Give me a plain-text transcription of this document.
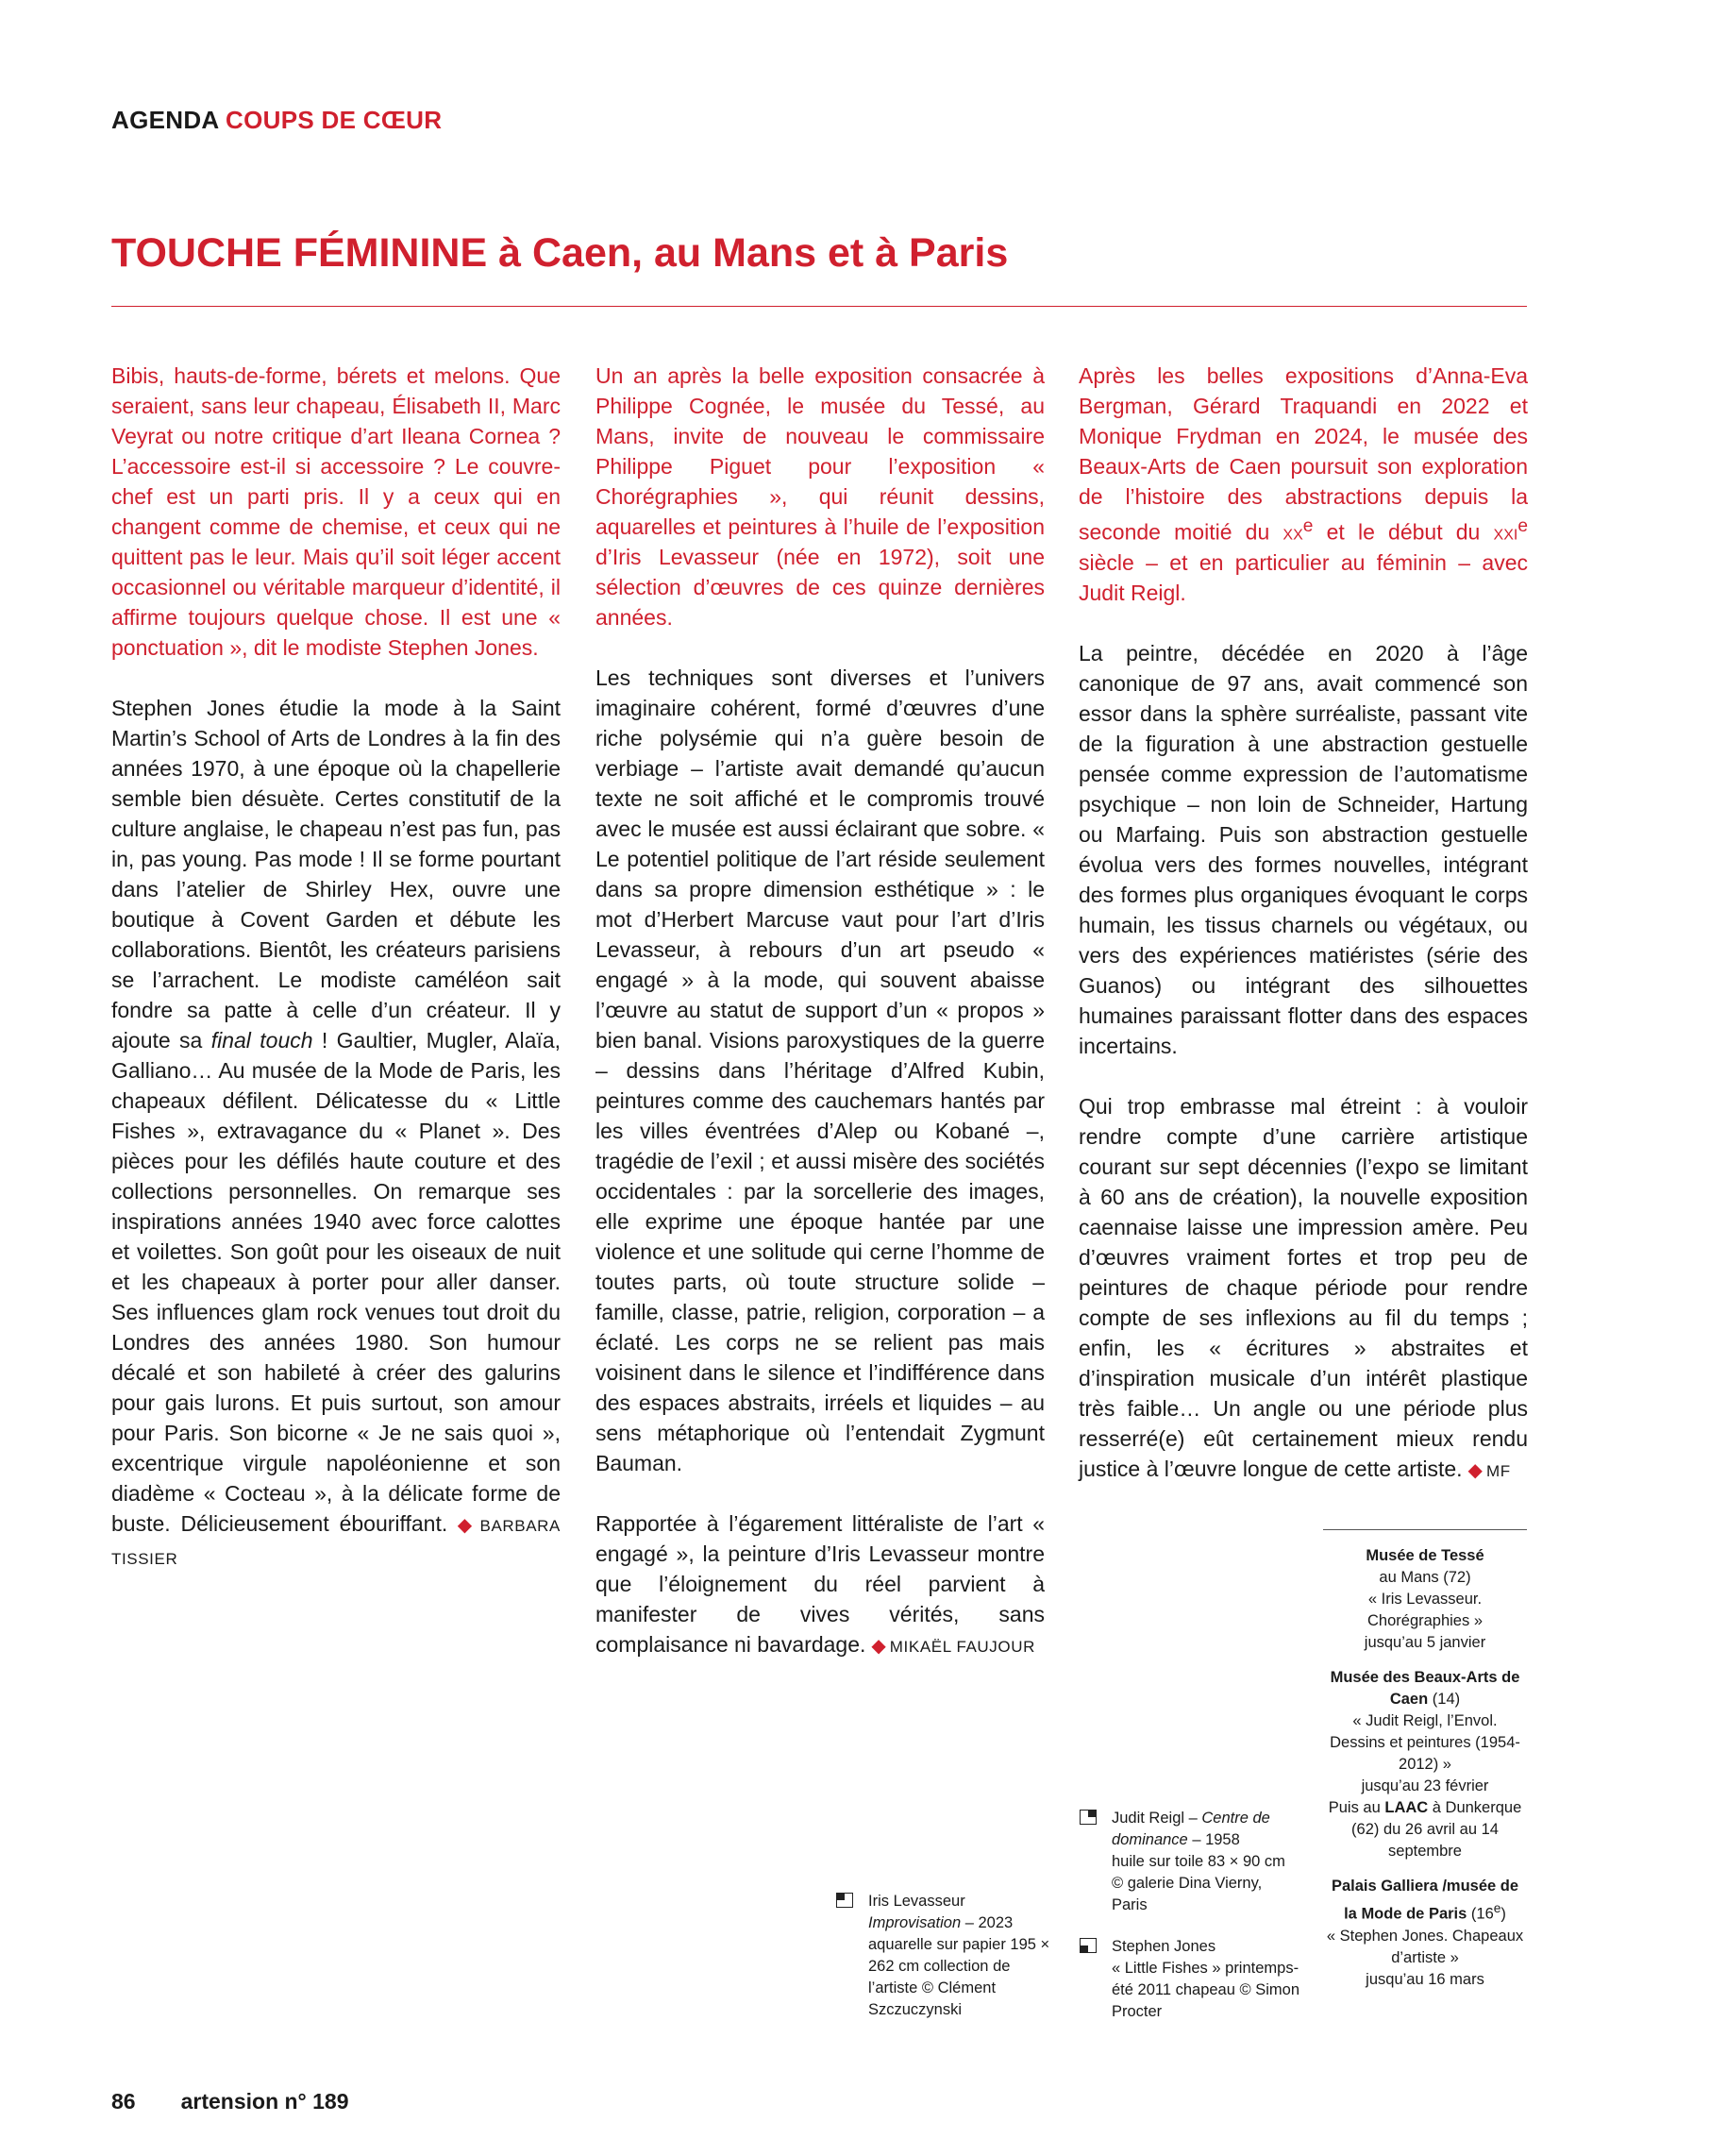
AGENDA COUPS DE CŒUR
TOUCHE FÉMININE à Caen, au Mans et à Paris

Bibis, hauts-de-forme, bérets et melons. Que seraient, sans leur chapeau, Élisabeth II, Marc Veyrat ou notre critique d’art Ileana Cornea ? L’accessoire est-il si accessoire ? Le couvre-chef est un parti pris. Il y a ceux qui en changent comme de chemise, et ceux qui ne quittent pas le leur. Mais qu’il soit léger accent occasionnel ou véritable marqueur d’identité, il affirme toujours quelque chose. Il est une « ponctuation », dit le modiste Stephen Jones.

Stephen Jones étudie la mode à la Saint Martin’s School of Arts de Londres à la fin des années 1970, à une époque où la chapellerie semble bien désuète. Certes constitutif de la culture anglaise, le chapeau n’est pas fun, pas in, pas young. Pas mode ! Il se forme pourtant dans l’atelier de Shirley Hex, ouvre une boutique à Covent Garden et débute les collaborations. Bientôt, les créateurs parisiens se l’arrachent. Le modiste caméléon sait fondre sa patte à celle d’un créateur. Il y ajoute sa final touch ! Gaultier, Mugler, Alaïa, Galliano… Au musée de la Mode de Paris, les chapeaux défilent. Délicatesse du « Little Fishes », extravagance du « Planet ». Des pièces pour les défilés haute couture et des collections personnelles. On remarque ses inspirations années 1940 avec force calottes et voilettes. Son goût pour les oiseaux de nuit et les chapeaux à porter pour aller danser. Ses influences glam rock venues tout droit du Londres des années 1980. Son humour décalé et son habileté à créer des galurins pour gais lurons. Et puis surtout, son amour pour Paris. Son bicorne « Je ne sais quoi », excentrique virgule napoléonienne et son diadème « Cocteau », à la délicate forme de buste. Délicieusement ébouriffant. ◆ BARBARA TISSIER

Un an après la belle exposition consacrée à Philippe Cognée, le musée du Tessé, au Mans, invite de nouveau le commissaire Philippe Piguet pour l’exposition « Chorégraphies », qui réunit dessins, aquarelles et peintures à l’huile de l’exposition d’Iris Levasseur (née en 1972), soit une sélection d’œuvres de ces quinze dernières années.

Les techniques sont diverses et l’univers imaginaire cohérent, formé d’œuvres d’une riche polysémie qui n’a guère besoin de verbiage – l’artiste avait demandé qu’aucun texte ne soit affiché et le compromis trouvé avec le musée est aussi éclairant que sobre. « Le potentiel politique de l’art réside seulement dans sa propre dimension esthétique » : le mot d’Herbert Marcuse vaut pour l’art d’Iris Levasseur, à rebours d’un art pseudo « engagé » à la mode, qui souvent abaisse l’œuvre au statut de support d’un « propos » bien banal. Visions paroxystiques de la guerre – dessins dans l’héritage d’Alfred Kubin, peintures comme des cauchemars hantés par les villes éventrées d’Alep ou Kobané –, tragédie de l’exil ; et aussi misère des sociétés occidentales : par la sorcellerie des images, elle exprime une époque hantée par une violence et une solitude qui cerne l’homme de toutes parts, où toute structure solide – famille, classe, patrie, religion, corporation – a éclaté. Les corps ne se relient pas mais voisinent dans le silence et l’indifférence dans des espaces abstraits, irréels et liquides – au sens métaphorique où l’entendait Zygmunt Bauman.

Rapportée à l’égarement littéraliste de l’art « engagé », la peinture d’Iris Levasseur montre que l’éloignement du réel parvient à manifester de vives vérités, sans complaisance ni bavardage. ◆ MIKAËL FAUJOUR

Après les belles expositions d’Anna-Eva Bergman, Gérard Traquandi en 2022 et Monique Frydman en 2024, le musée des Beaux-Arts de Caen poursuit son exploration de l’histoire des abstractions depuis la seconde moitié du $xx^e$ et le début du xxi$^e$ siècle – et en particulier au féminin – avec Judit Reigl.

La peintre, décédée en 2020 à l’âge canonique de 97 ans, avait commencé son essor dans la sphère surréaliste, passant vite de la figuration à une abstraction gestuelle pensée comme expression de l’automatisme psychique – non loin de Schneider, Hartung ou Marfaing. Puis son abstraction gestuelle évolua vers des formes nouvelles, intégrant des formes plus organiques évoquant le corps humain, les tissus charnels ou végétaux, ou vers des expériences matiéristes (série des Guanos) ou intégrant des silhouettes humaines paraissant flotter dans des espaces incertains.

Qui trop embrasse mal étreint : à vouloir rendre compte d’une carrière artistique courant sur sept décennies (l’expo se limitant à 60 ans de création), la nouvelle exposition caennaise laisse une impression amère. Peu d’œuvres vraiment fortes et trop peu de peintures de chaque période pour rendre compte de ses inflexions au fil du temps ; enfin, les « écritures » abstraites et d’inspiration musicale d’un intérêt plastique très faible… Un angle ou une période plus resserré(e) eût certainement mieux rendu justice à l’œuvre longue de cette artiste. ◆ MF

Musée de Tessé
au Mans (72)
« Iris Levasseur. Chorégraphies »
jusqu’au 5 janvier
Musée des Beaux-Arts de Caen (14)
« Judit Reigl, l’Envol. Dessins et peintures (1954-2012) »
jusqu’au 23 février
Puis au LAAC à Dunkerque (62) du 26 avril au 14 septembre
Palais Galliera /musée de la Mode de Paris (16e)
« Stephen Jones. Chapeaux d’artiste »
jusqu’au 16 mars
Iris Levasseur
Improvisation – 2023
aquarelle sur papier 195 × 262 cm collection de l’artiste © Clément Szczuczynski
Judit Reigl – Centre de dominance – 1958
huile sur toile 83 × 90 cm © galerie Dina Vierny, Paris
Stephen Jones
« Little Fishes » printemps-été 2011 chapeau © Simon Procter
86 artension n° 189
